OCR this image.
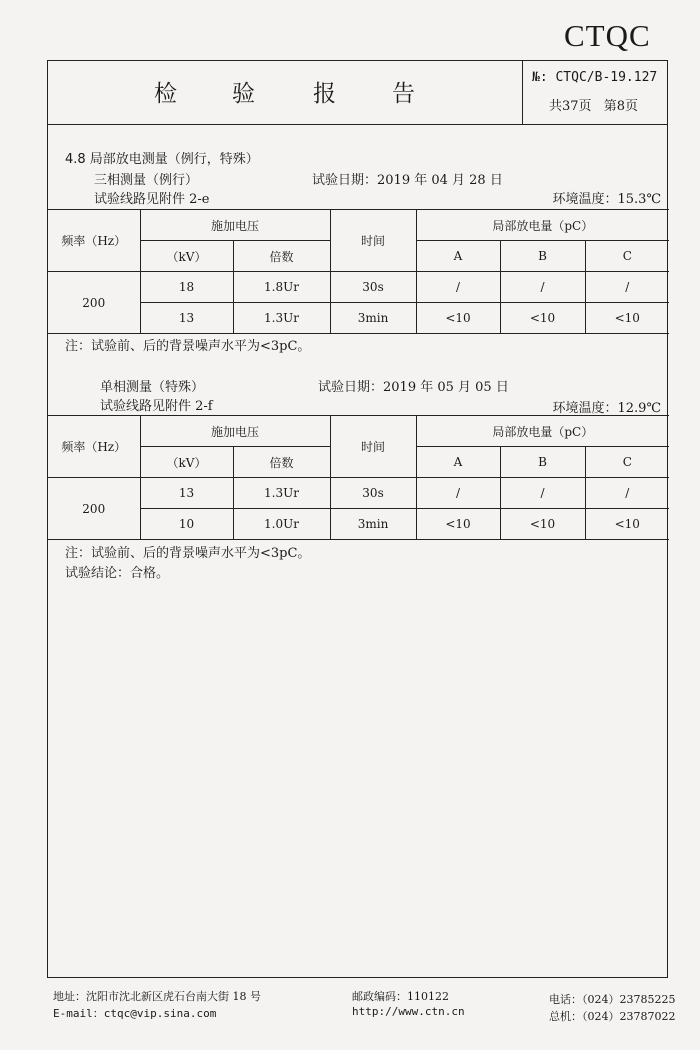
CTQC
检 验 报 告
№: CTQC/B-19.127
共37页 第8页
4.8 局部放电测量（例行，特殊）
三相测量（例行）	试验日期：2019 年 04 月 28 日
试验线路见附件 2-e	环境温度：15.3℃
频率（Hz）	施加电压		时间	局部放电量（pC）		
	（kV）	倍数		A	B	C
200	18	1.8Ur	30s	/	/	/
	13	1.3Ur	3min	<10	<10	<10
注：试验前、后的背景噪声水平为<3pC。
单相测量（特殊）	试验日期：2019 年 05 月 05 日
试验线路见附件 2-f	环境温度：12.9℃
频率（Hz）	施加电压		时间	局部放电量（pC）		
	（kV）	倍数		A	B	C
200	13	1.3Ur	30s	/	/	/
	10	1.0Ur	3min	<10	<10	<10
注：试验前、后的背景噪声水平为<3pC。
试验结论：合格。
地址：沈阳市沈北新区虎石台南大街 18 号
E-mail：ctqc@vip.sina.com
邮政编码：110122
http://www.ctn.cn
电话：（024）23785225
总机：（024）23787022
